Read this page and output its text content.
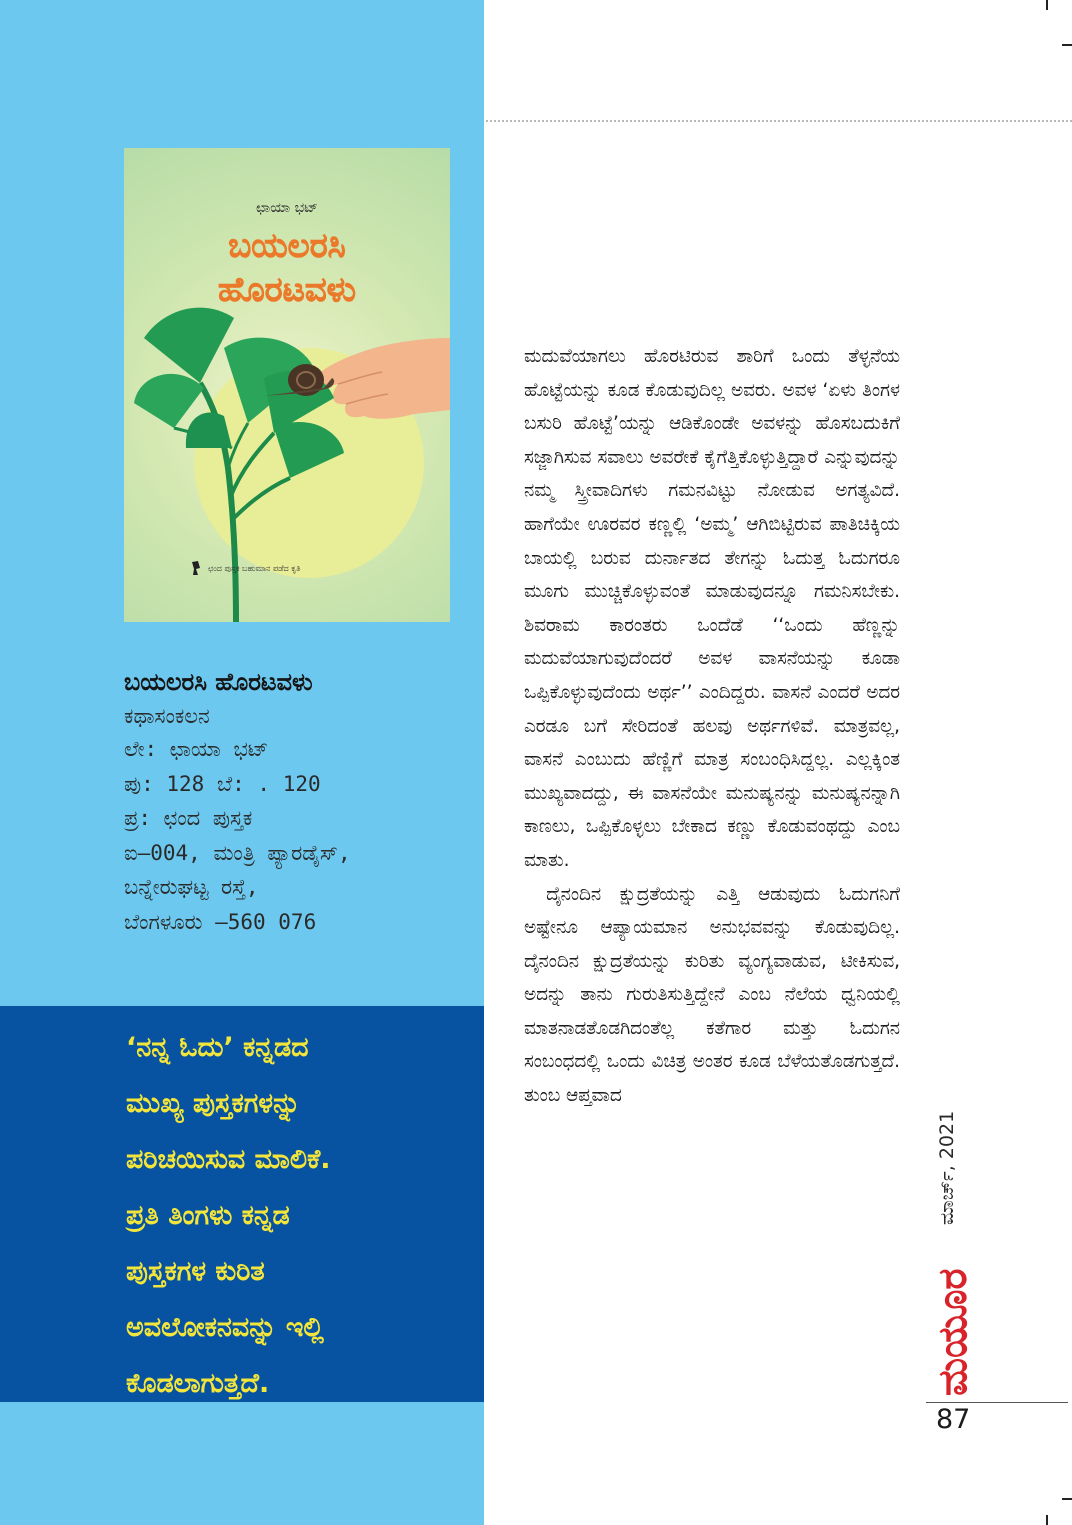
ಛಾಯಾ ಭಟ್
ಬಯಲರಸಿ
ಹೊರಟವಳು
ಛಂದ ಪುಸ್ತಕ ಬಹುಮಾನ ಪಡೆದ ಕೃತಿ
ಬಯಲರಸಿ ಹೊರಟವಳು
ಕಥಾಸಂಕಲನ
ಲೇ: ಛಾಯಾ ಭಟ್
ಪು: 128 ಬೆ: . 120
ಪ್ರ: ಛಂದ ಪುಸ್ತಕ
ಐ–004, ಮಂತ್ರಿ ಪ್ಯಾರಡೈಸ್,
ಬನ್ನೇರುಘಟ್ಟ ರಸ್ತೆ,
ಬೆಂಗಳೂರು –560 076
‘ನನ್ನ ಓದು’ ಕನ್ನಡದ
ಮುಖ್ಯ ಪುಸ್ತಕಗಳನ್ನು
ಪರಿಚಯಿಸುವ ಮಾಲಿಕೆ.
ಪ್ರತಿ ತಿಂಗಳು ಕನ್ನಡ
ಪುಸ್ತಕಗಳ ಕುರಿತ
ಅವಲೋಕನವನ್ನು ಇಲ್ಲಿ
ಕೊಡಲಾಗುತ್ತದೆ.

ಮದುವೆಯಾಗಲು ಹೊರಟಿರುವ ಶಾರಿಗೆ ಒಂದು ತೆಳ್ಳನೆಯ ಹೊಟ್ಟೆಯನ್ನು ಕೂಡ ಕೊಡುವುದಿಲ್ಲ ಅವರು. ಅವಳ ‘ಏಳು ತಿಂಗಳ ಬಸುರಿ ಹೊಟ್ಟೆ’ಯನ್ನು ಆಡಿಕೊಂಡೇ ಅವಳನ್ನು ಹೊಸಬದುಕಿಗೆ ಸಜ್ಜಾಗಿಸುವ ಸವಾಲು ಅವರೇಕೆ ಕೈಗೆತ್ತಿಕೊಳ್ಳುತ್ತಿದ್ದಾರೆ ಎನ್ನುವುದನ್ನು ನಮ್ಮ ಸ್ತ್ರೀವಾದಿಗಳು ಗಮನವಿಟ್ಟು ನೋಡುವ ಅಗತ್ಯವಿದೆ. ಹಾಗೆಯೇ ಊರವರ ಕಣ್ಣಲ್ಲಿ ‘ಅಮ್ಮ’ ಆಗಿಬಿಟ್ಟಿರುವ ಪಾತಿಚಿಕ್ಕಿಯ ಬಾಯಲ್ಲಿ ಬರುವ ದುರ್ನಾತದ ತೇಗನ್ನು ಓದುತ್ತ ಓದುಗರೂ ಮೂಗು ಮುಚ್ಚಿಕೊಳ್ಳುವಂತೆ ಮಾಡುವುದನ್ನೂ ಗಮನಿಸಬೇಕು. ಶಿವರಾಮ ಕಾರಂತರು ಒಂದೆಡೆ ‘‘ಒಂದು ಹೆಣ್ಣನ್ನು ಮದುವೆಯಾಗುವುದೆಂದರೆ ಅವಳ ವಾಸನೆಯನ್ನು ಕೂಡಾ ಒಪ್ಪಿಕೊಳ್ಳುವುದೆಂದು ಅರ್ಥ’’ ಎಂದಿದ್ದರು. ವಾಸನೆ ಎಂದರೆ ಅದರ ಎರಡೂ ಬಗೆ ಸೇರಿದಂತೆ ಹಲವು ಅರ್ಥಗಳಿವೆ. ಮಾತ್ರವಲ್ಲ, ವಾಸನೆ ಎಂಬುದು ಹೆಣ್ಣಿಗೆ ಮಾತ್ರ ಸಂಬಂಧಿಸಿದ್ದಲ್ಲ. ಎಲ್ಲಕ್ಕಿಂತ ಮುಖ್ಯವಾದದ್ದು, ಈ ವಾಸನೆಯೇ ಮನುಷ್ಯನನ್ನು ಮನುಷ್ಯನನ್ನಾಗಿ ಕಾಣಲು, ಒಪ್ಪಿಕೊಳ್ಳಲು ಬೇಕಾದ ಕಣ್ಣು ಕೊಡುವಂಥದ್ದು ಎಂಬ ಮಾತು.

ದೈನಂದಿನ ಕ್ಷುದ್ರತೆಯನ್ನು ಎತ್ತಿ ಆಡುವುದು ಓದುಗನಿಗೆ ಅಷ್ಟೇನೂ ಆಪ್ಯಾಯಮಾನ ಅನುಭವವನ್ನು ಕೊಡುವುದಿಲ್ಲ. ದೈನಂದಿನ ಕ್ಷುದ್ರತೆಯನ್ನು ಕುರಿತು ವ್ಯಂಗ್ಯವಾಡುವ, ಟೀಕಿಸುವ, ಅದನ್ನು ತಾನು ಗುರುತಿಸುತ್ತಿದ್ದೇನೆ ಎಂಬ ನೆಲೆಯ ಧ್ವನಿಯಲ್ಲಿ ಮಾತನಾಡತೊಡಗಿದಂತೆಲ್ಲ ಕತೆಗಾರ ಮತ್ತು ಓದುಗನ ಸಂಬಂಧದಲ್ಲಿ ಒಂದು ವಿಚಿತ್ರ ಅಂತರ ಕೂಡ ಬೆಳೆಯತೊಡಗುತ್ತದೆ. ತುಂಬ ಆಪ್ತವಾದ

ಮಾರ್ಚ್, 2021
ಮಯೂರ
87
